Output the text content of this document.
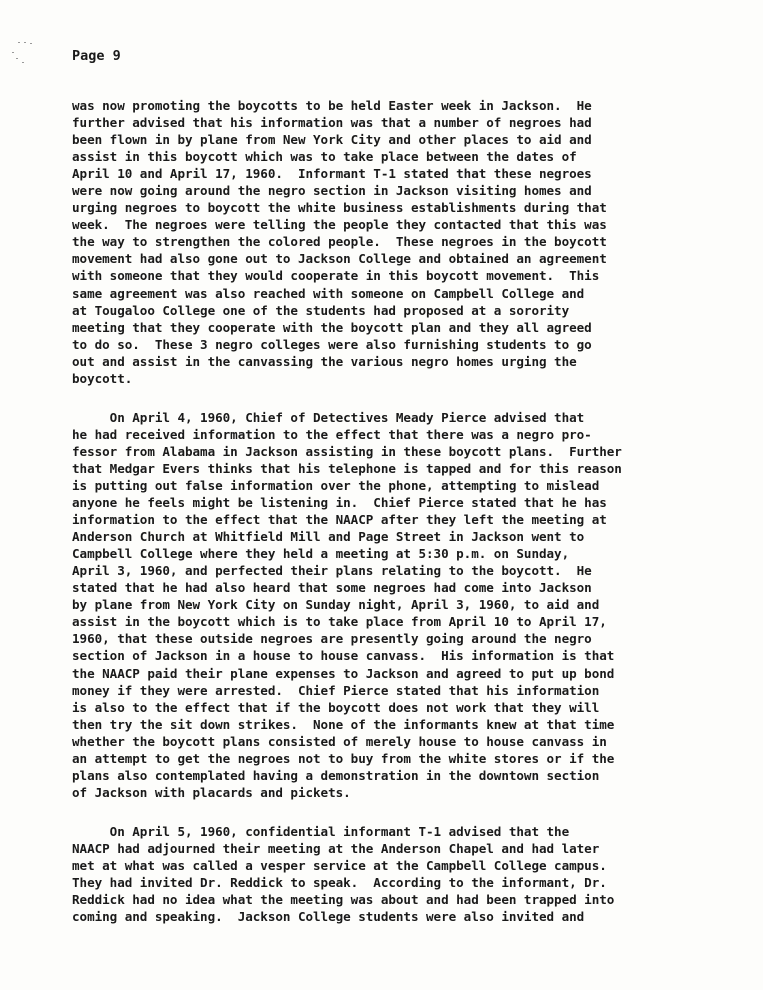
Page 9

was now promoting the boycotts to be held Easter week in Jackson.  He

further advised that his information was that a number of negroes had

been flown in by plane from New York City and other places to aid and

assist in this boycott which was to take place between the dates of

April 10 and April 17, 1960.  Informant T-1 stated that these negroes

were now going around the negro section in Jackson visiting homes and

urging negroes to boycott the white business establishments during that

week.  The negroes were telling the people they contacted that this was

the way to strengthen the colored people.  These negroes in the boycott

movement had also gone out to Jackson College and obtained an agreement

with someone that they would cooperate in this boycott movement.  This

same agreement was also reached with someone on Campbell College and

at Tougaloo College one of the students had proposed at a sorority

meeting that they cooperate with the boycott plan and they all agreed

to do so.  These 3 negro colleges were also furnishing students to go

out and assist in the canvassing the various negro homes urging the

boycott.

On April 4, 1960, Chief of Detectives Meady Pierce advised that

he had received information to the effect that there was a negro pro-

fessor from Alabama in Jackson assisting in these boycott plans.  Further

that Medgar Evers thinks that his telephone is tapped and for this reason

is putting out false information over the phone, attempting to mislead

anyone he feels might be listening in.  Chief Pierce stated that he has

information to the effect that the NAACP after they left the meeting at

Anderson Church at Whitfield Mill and Page Street in Jackson went to

Campbell College where they held a meeting at 5:30 p.m. on Sunday,

April 3, 1960, and perfected their plans relating to the boycott.  He

stated that he had also heard that some negroes had come into Jackson

by plane from New York City on Sunday night, April 3, 1960, to aid and

assist in the boycott which is to take place from April 10 to April 17,

1960, that these outside negroes are presently going around the negro

section of Jackson in a house to house canvass.  His information is that

the NAACP paid their plane expenses to Jackson and agreed to put up bond

money if they were arrested.  Chief Pierce stated that his information

is also to the effect that if the boycott does not work that they will

then try the sit down strikes.  None of the informants knew at that time

whether the boycott plans consisted of merely house to house canvass in

an attempt to get the negroes not to buy from the white stores or if the

plans also contemplated having a demonstration in the downtown section

of Jackson with placards and pickets.

On April 5, 1960, confidential informant T-1 advised that the

NAACP had adjourned their meeting at the Anderson Chapel and had later

met at what was called a vesper service at the Campbell College campus.

They had invited Dr. Reddick to speak.  According to the informant, Dr.

Reddick had no idea what the meeting was about and had been trapped into

coming and speaking.  Jackson College students were also invited and
